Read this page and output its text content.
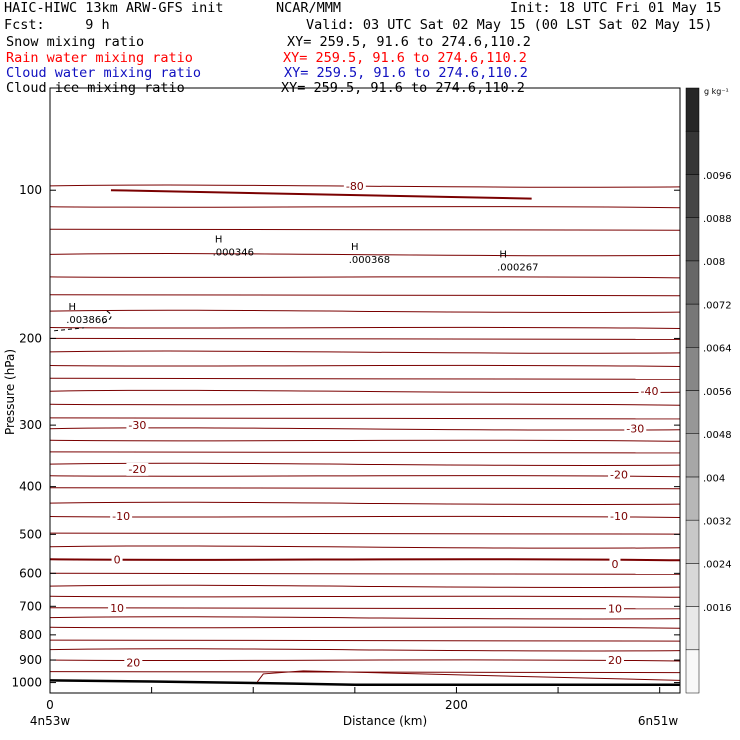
HAIC-HIWC 13km ARW-GFS init	NCAR/MMM	Init: 18 UTC Fri 01 May 15
Fcst:     9 h	Valid: 03 UTC Sat 02 May 15 (00 LST Sat 02 May 15)
Snow mixing ratio	XY= 259.5, 91.6 to 274.6,110.2
Rain water mixing ratio	XY= 259.5, 91.6 to 274.6,110.2
Cloud water mixing ratio	XY= 259.5, 91.6 to 274.6,110.2
Cloud ice mixing ratio	XY= 259.5, 91.6 to 274.6,110.2
-80
-40
-30	-30
-20	-20
-10	-10
0	0
10	10
20	20
H
.003866
H
.000346	H
.000368	H
.000267
100
200
300
400
500
600
700
800
900
1000
0	200
.0016
.0024
.0032
.004
.0048
.0056
.0064
.0072
.008
.0088
.0096
Distance (km)
Pressure (hPa)
4n53w	6n51w
g kg⁻¹
